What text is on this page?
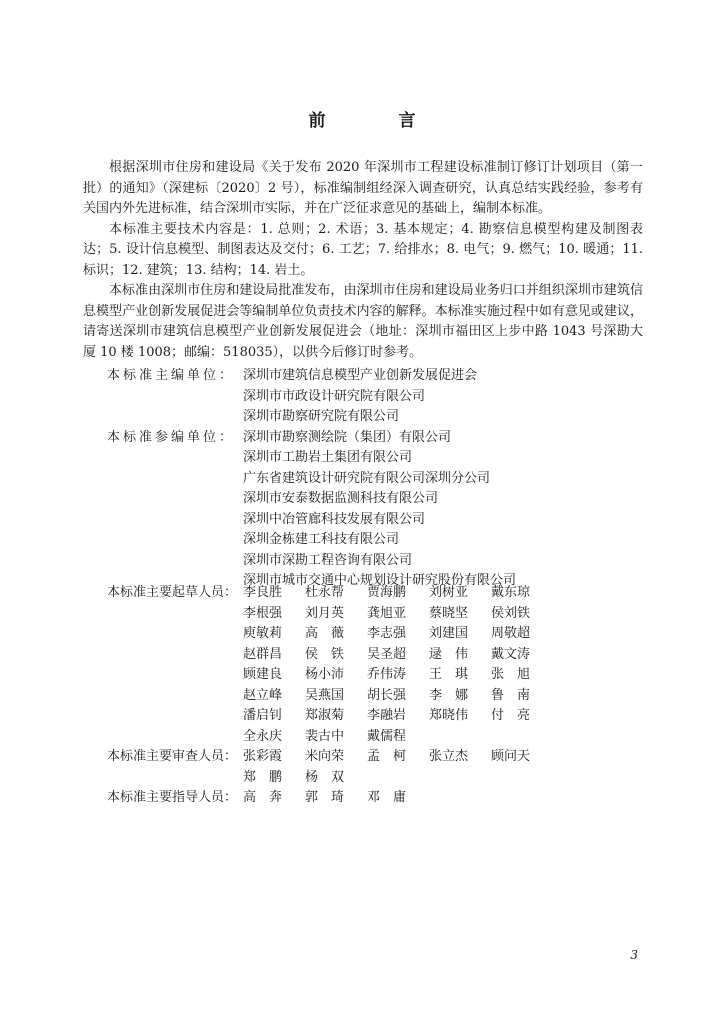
前　言

根据深圳市住房和建设局《关于发布 2020 年深圳市工程建设标准制订修订计划项目（第一批）的通知》（深建标〔2020〕2 号），标准编制组经深入调查研究，认真总结实践经验，参考有关国内外先进标准，结合深圳市实际，并在广泛征求意见的基础上，编制本标准。

本标准主要技术内容是：1. 总则；2. 术语；3. 基本规定；4. 勘察信息模型构建及制图表达；5. 设计信息模型、制图表达及交付；6. 工艺；7. 给排水；8. 电气；9. 燃气；10. 暖通；11. 标识；12. 建筑；13. 结构；14. 岩土。

本标准由深圳市住房和建设局批准发布，由深圳市住房和建设局业务归口并组织深圳市建筑信息模型产业创新发展促进会等编制单位负责技术内容的解释。本标准实施过程中如有意见或建议，请寄送深圳市建筑信息模型产业创新发展促进会（地址：深圳市福田区上步中路 1043 号深勘大厦 10 楼 1008；邮编：518035），以供今后修订时参考。

本标准主编单位： 深圳市建筑信息模型产业创新发展促进会
深圳市市政设计研究院有限公司
深圳市勘察研究院有限公司
本标准参编单位： 深圳市勘察测绘院（集团）有限公司
深圳市工勘岩土集团有限公司
广东省建筑设计研究院有限公司深圳分公司
深圳市安泰数据监测科技有限公司
深圳中冶管廊科技发展有限公司
深圳金栋建工科技有限公司
深圳市深勘工程咨询有限公司
深圳市城市交通中心规划设计研究股份有限公司
本标准主要起草人员： 李良胜	杜永帮	贾海鹏	刘树亚	戴东琼
李根强	刘月英	龚旭亚	蔡晓坚	侯刘铁
庾敏莉	高　薇	李志强	刘建国	周敬超
赵群昌	侯　铁	吴圣超	逯　伟	戴文涛
顾建良	杨小沛	乔伟涛	王　琪	张　旭
赵立峰	吴燕国	胡长强	李　娜	鲁　南
潘启钊	郑淑菊	李融岩	郑晓伟	付　亮
全永庆	裴古中	戴儒程
本标准主要审查人员： 张彩霞	米向荣	孟　柯	张立杰	顾问天
郑　鹏	杨　双
本标准主要指导人员： 高　奔	郭　琦	邓　庸
3
